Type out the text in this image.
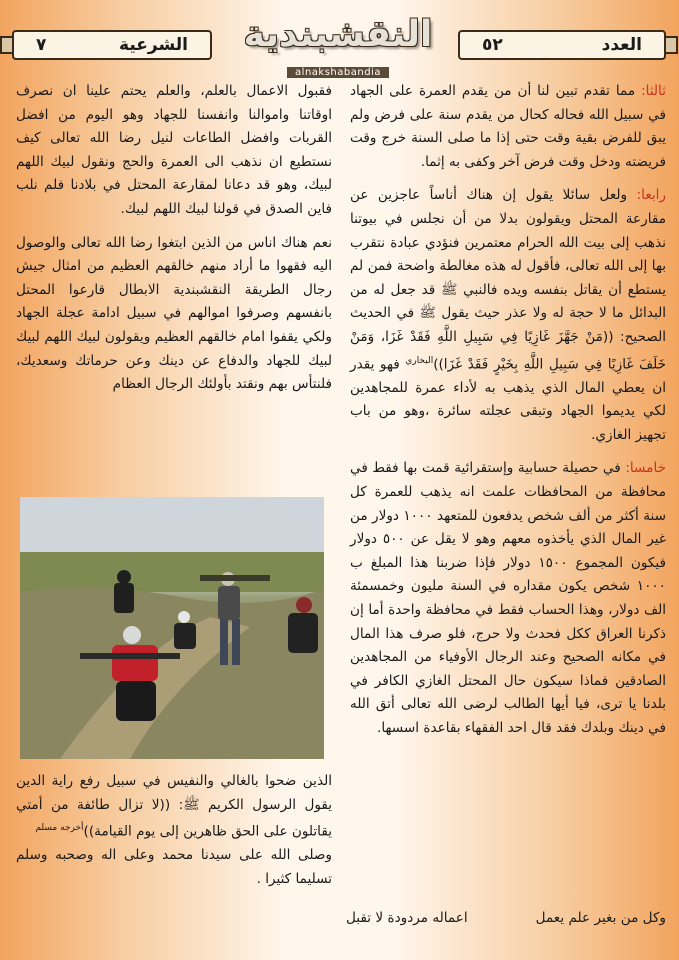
الشرعية
٧	النقشبندية
alnakshabandia
العدد
٥٢

ثالثا: مما تقدم تبين لنا أن من يقدم العمرة على الجهاد في سبيل الله فحاله كحال من يقدم سنة على فرض ولم يبق للفرض بقية وقت حتى إذا ما صلى السنة خرج وقت فريضته ودخل وقت فرض آخر وكفى به إثما.

رابعا: ولعل سائلا يقول إن هناك أناساً عاجزين عن مقارعة المحتل ويقولون بدلا من أن نجلس في بيوتنا نذهب إلى بيت الله الحرام معتمرين فنؤدي عبادة نتقرب بها إلى الله تعالى، فأقول له هذه مغالطة واضحة فمن لم يستطع أن يقاتل بنفسه ويده فالنبي ﷺ قد جعل له من البدائل ما لا حجة له ولا عذر حيث يقول ﷺ في الحديث الصحيح: ((مَنْ جَهَّزَ غَازِيًا فِي سَبِيلِ اللَّهِ فَقَدْ غَزَا، وَمَنْ خَلَفَ غَازِيًا فِي سَبِيلِ اللَّهِ بِخَيْرٍ فَقَدْ غَزَا))$^{البخاري}$ فهو يقدر ان يعطي المال الذي يذهب به لأداء عمرة للمجاهدين لكي يديموا الجهاد وتبقى عجلته سائرة ،وهو من باب تجهيز الغازي.

خامسا: في حصيلة حسابية وإستقرائية قمت بها فقط في محافظة من المحافظات علمت انه يذهب للعمرة كل سنة أكثر من ألف شخص يدفعون للمتعهد ١٠٠٠ دولار من غير المال الذي يأخذوه معهم وهو لا يقل عن ٥٠٠ دولار فيكون المجموع ١٥٠٠ دولار فإذا ضربنا هذا المبلغ ب ١٠٠٠ شخص يكون مقداره في السنة مليون وخمسمئة الف دولار، وهذا الحساب فقط في محافظة واحدة أما إن ذكرنا العراق ككل فحدث ولا حرج، فلو صرف هذا المال في مكانه الصحيح وعند الرجال الأوفياء من المجاهدين الصادقين فماذا سيكون حال المحتل الغازي الكافر في بلدنا يا ترى، فيا أيها الطالب لرضى الله تعالى أتق الله في دينك وبلدك فقد قال احد الفقهاء بقاعدة اسسها.

وكل من بغير علم يعمل
اعماله مردودة لا تقبل

فقبول الاعمال بالعلم، والعلم يحتم علينا ان نصرف اوقاتنا واموالنا وانفسنا للجهاد وهو اليوم من افضل القربات وافضل الطاعات لنيل رضا الله تعالى كيف نستطيع ان نذهب الى العمرة والحج ونقول لبيك اللهم لبيك، وهو قد دعانا لمقارعة المحتل في بلادنا فلم نلب فاين الصدق في قولنا لبيك اللهم لبيك.

نعم هناك اناس من الذين ابتغوا رضا الله تعالى والوصول اليه فقهوا ما أراد منهم خالقهم العظيم من امثال جيش رجال الطريقة النقشبندية الابطال قارعوا المحتل بانفسهم وصرفوا اموالهم في سبيل ادامة عجلة الجهاد ولكي يقفوا امام خالقهم العظيم ويقولون لبيك اللهم لبيك لبيك للجهاد والدفاع عن دينك وعن حرماتك وسعديك، فلنتأس بهم ونقتد بأولئك الرجال العظام

الذين ضحوا بالغالي والنفيس في سبيل رفع راية الدين يقول الرسول الكريم ﷺ: ((لا تزال طائفة من أمتي يقاتلون على الحق ظاهرين إلى يوم القيامة))$^{أخرجه مسلم}$

وصلى الله على سيدنا محمد وعلى اله وصحبه وسلم تسليما كثيرا .
